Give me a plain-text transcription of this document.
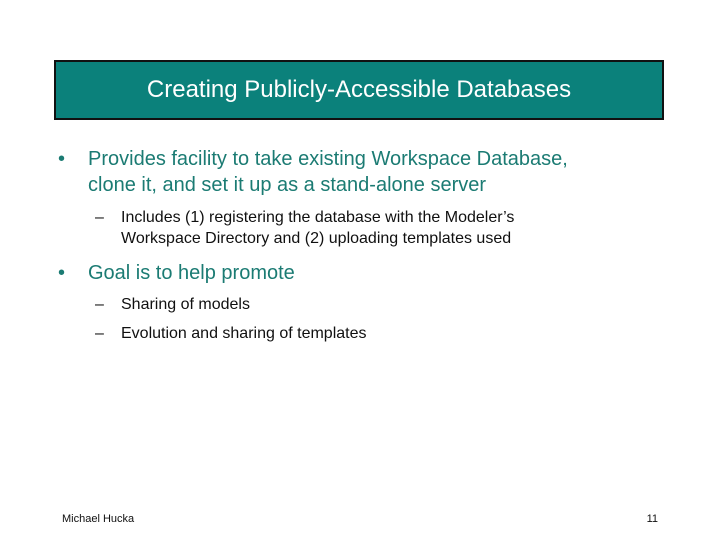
Creating Publicly-Accessible Databases
•	Provides facility to take existing Workspace Database,
clone it, and set it up as a stand-alone server
–	Includes (1) registering the database with the Modeler’s
Workspace Directory and (2) uploading templates used
•	Goal is to help promote
–	Sharing of models
–	Evolution and sharing of templates
Michael Hucka	11
